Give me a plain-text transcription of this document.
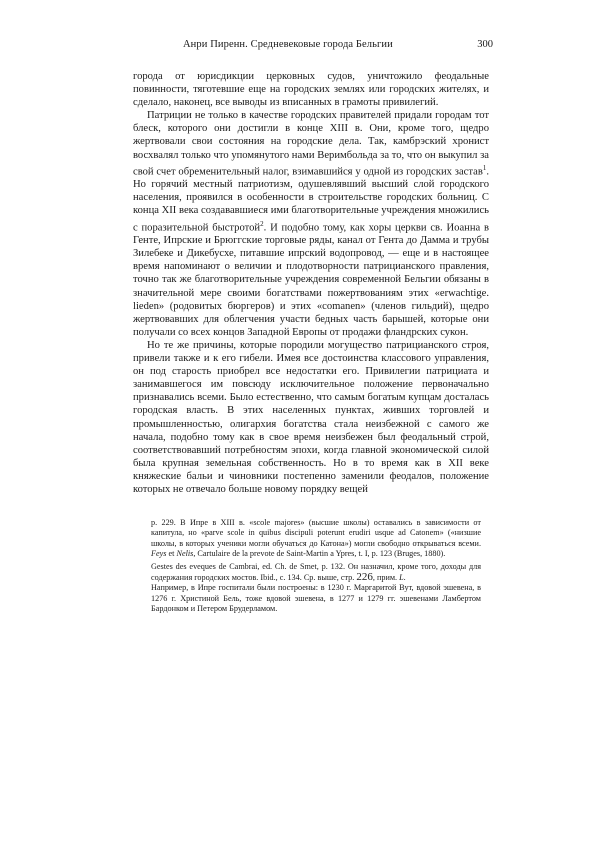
Анри Пиренн. Средневековые города Бельгии	300

города от юрисдикции церковных судов, уничтожило феодальные повинности, тяготевшие еще на городских землях или городских жителях, и сделало, наконец, все выводы из вписанных в грамоты привилегий.

Патриции не только в качестве городских правителей придали городам тот блеск, которого они достигли в конце XIII в. Они, кроме того, щедро жертвовали свои состояния на городские дела. Так, камбрэский хронист восхвалял только что упомянутого нами Веримбольда за то, что он выкупил за свой счет обременительный налог, взимавшийся у одной из городских застав$^1$. Но горячий местный патриотизм, одушевлявший высший слой городского населения, проявился в особенности в строительстве городских больниц. С конца XII века создававшиеся ими благотворительные учреждения множились с поразительной быстротой$^2$. И подобно тому, как хоры церкви св. Иоанна в Генте, Ипрские и Брюггские торговые ряды, канал от Гента до Дамма и трубы Зилебеке и Дикебусхе, питавшие ипрский водопровод, — еще и в настоящее время напоминают о величии и плодотворности патрицианского правления, точно так же благотворительные учреждения современной Бельгии обязаны в значительной мере своими богатствами пожертвованиям этих «erwachtige. lieden» (родовитых бюргеров) и этих «comanen» (членов гильдий), щедро жертвовавших для облегчения участи бедных часть барышей, которые они получали со всех концов Западной Европы от продажи фландрских сукон.

Но те же причины, которые породили могущество патрицианского строя, привели также и к его гибели. Имея все достоинства классового управления, он под старость приобрел все недостатки его. Привилегии патрициата и занимавшегося им повсюду исключительное положение первоначально признавались всеми. Было естественно, что самым богатым купцам досталась городская власть. В этих населенных пунктах, живших торговлей и промышленностью, олигархия богатства стала неизбежной с самого же начала, подобно тому как в свое время неизбежен был феодальный строй, соответствовавший потребностям эпохи, когда главной экономической силой была крупная земельная собственность. Но в то время как в XII веке княжеские бальи и чиновники постепенно заменили феодалов, положение которых не отвечало больше новому порядку вещей

р. 229. В Ипре в XIII в. «scole majores» (высшие школы) оставались в зависимости от капитула, но «parve scole in quibus discipuli poterunt erudiri usque ad Catonem» («низшие школы, в которых ученики могли обучаться до Катона») могли свободно открываться всеми. Feys et Nelis, Cartulaire de la prevote de Saint-Martin a Ypres, t. I, p. 123 (Bruges, 1880).

Gestes des eveques de Cambrai, ed. Ch. de Smet, p. 132. Он назначил, кроме того, доходы для содержания городских мостов. Ibid., с. 134. Ср. выше, стр. 226, прим. L.

Например, в Ипре госпитали были построены: в 1230 г. Маргаритой Вут, вдовой эшевена, в 1276 г. Христиной Бель, тоже вдовой эшевена, в 1277 и 1279 гг. эшевенами Ламбертом Бардонком и Петером Брудерламом.
